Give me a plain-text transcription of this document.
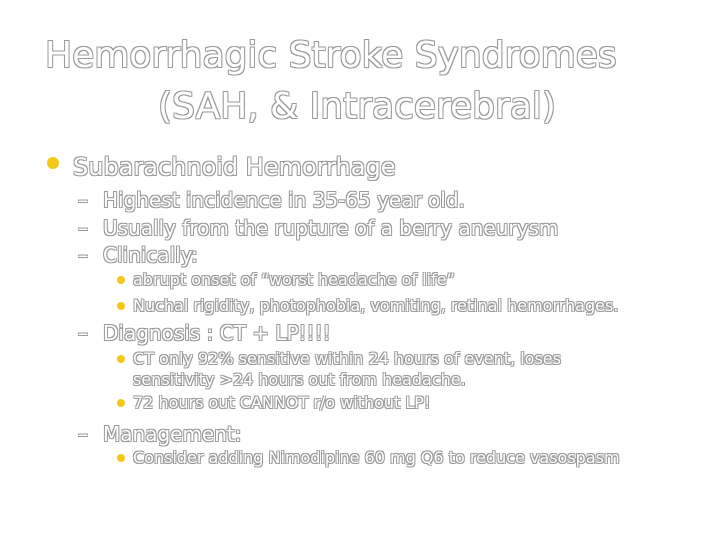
Hemorrhagic Stroke Syndromes
(SAH, & Intracerebral)
Subarachnoid Hemorrhage
– Highest incidence in 35-65 year old.
– Usually from the rupture of a berry aneurysm
– Clinically:
abrupt onset of “worst headache of life”
Nuchal rigidity, photophobia, vomiting, retinal hemorrhages.
– Diagnosis : CT + LP!!!!
CT only 92% sensitive within 24 hours of event, loses
sensitivity >24 hours out from headache.
72 hours out CANNOT r/o without LP!
– Management:
Consider adding Nimodipine 60 mg Q6 to reduce vasospasm
